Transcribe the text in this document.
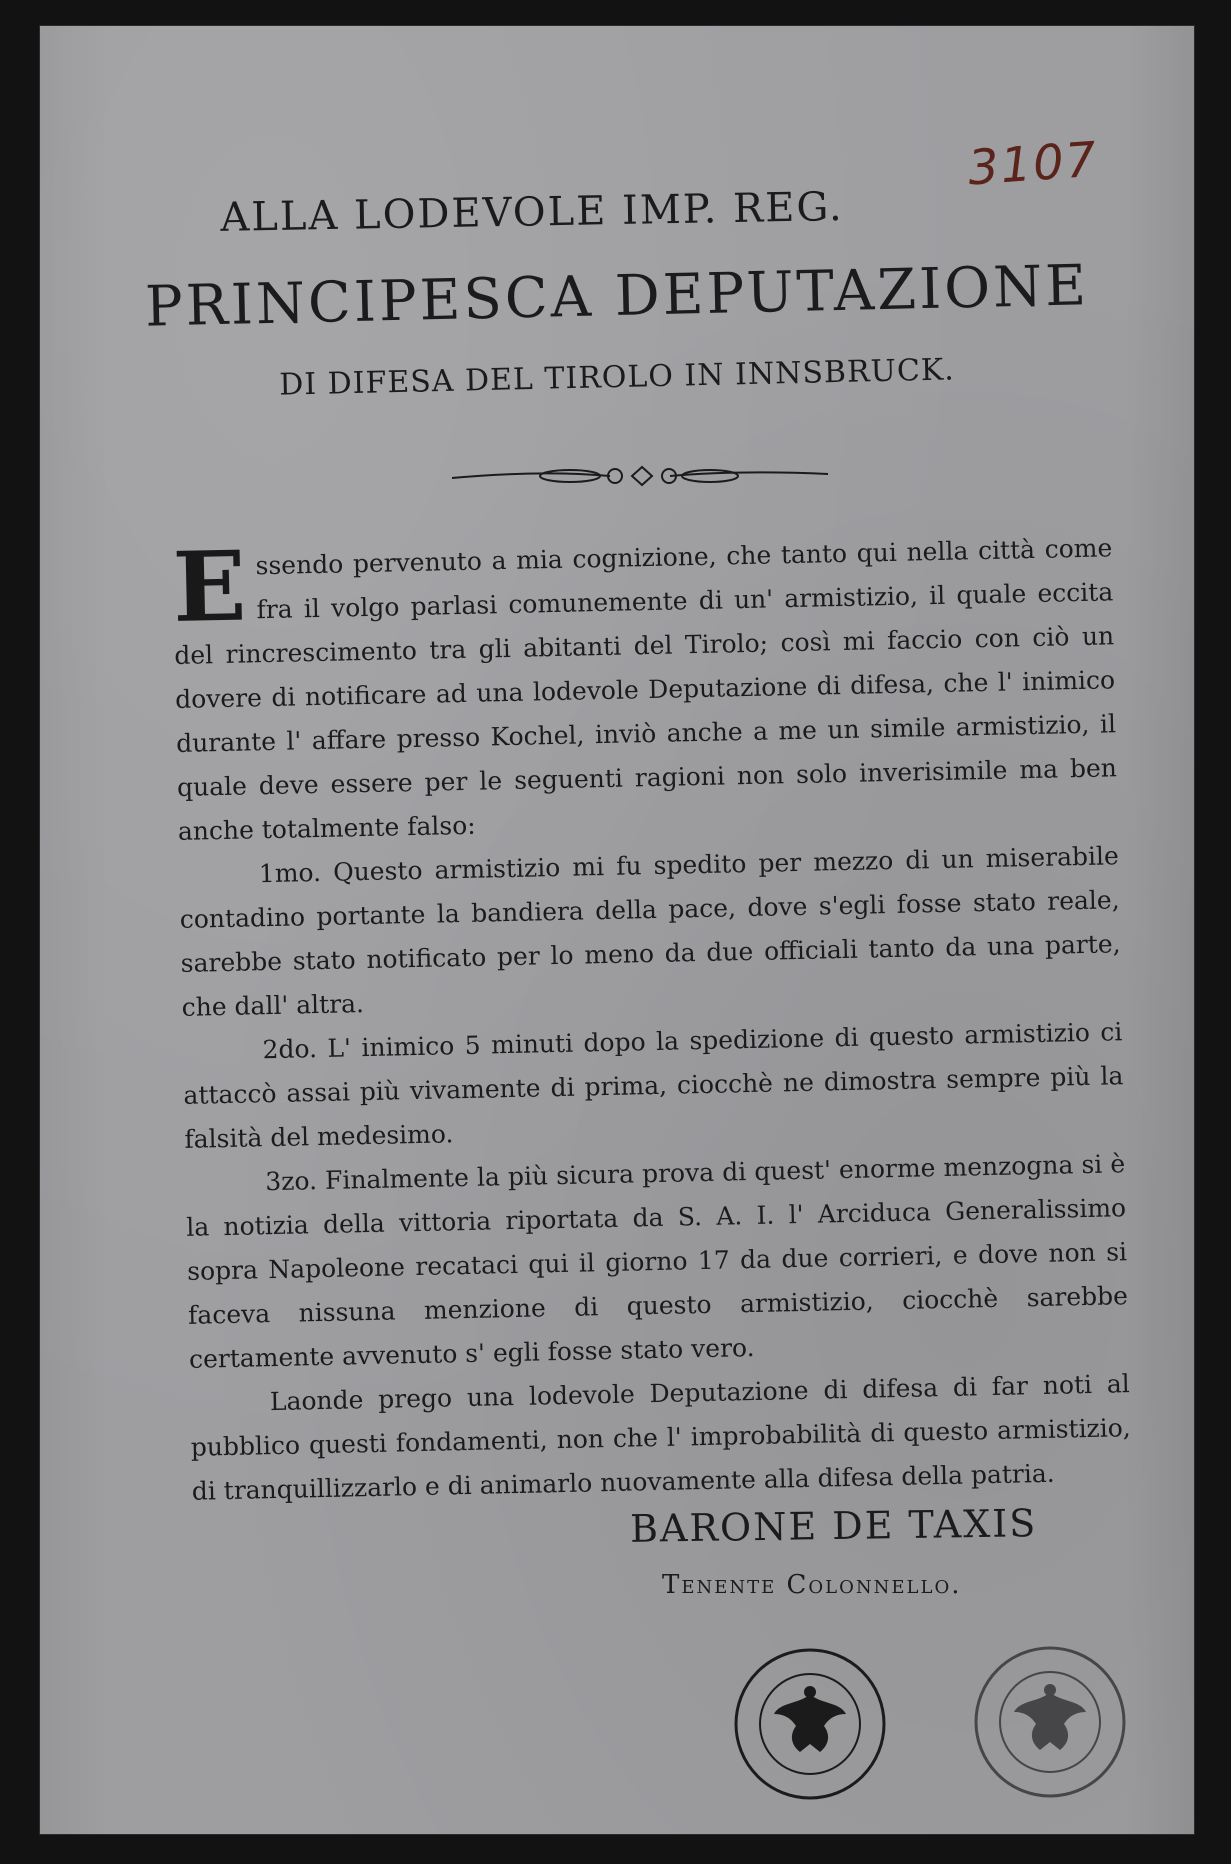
3107
ALLA LODEVOLE IMP. REG.
PRINCIPESCA DEPUTAZIONE
DI DIFESA DEL TIROLO IN INNSBRUCK.

Essendo pervenuto a mia cognizione, che tanto qui nella città come fra il volgo parlasi comunemente di un' armistizio, il quale eccita del rincrescimento tra gli abitanti del Tirolo; così mi faccio con ciò un dovere di notificare ad una lodevole Deputazione di difesa, che l' inimico durante l' affare presso Kochel, inviò anche a me un simile armistizio, il quale deve essere per le seguenti ragioni non solo inverisimile ma ben anche totalmente falso:

1mo. Questo armistizio mi fu spedito per mezzo di un miserabile contadino portante la bandiera della pace, dove s'egli fosse stato reale, sarebbe stato notificato per lo meno da due officiali tanto da una parte, che dall' altra.

2do. L' inimico 5 minuti dopo la spedizione di questo armistizio ci attaccò assai più vivamente di prima, ciocchè ne dimostra sempre più la falsità del medesimo.

3zo. Finalmente la più sicura prova di quest' enorme menzogna si è la notizia della vittoria riportata da S. A. I. l' Arciduca Generalissimo sopra Napoleone recataci qui il giorno 17 da due corrieri, e dove non si faceva nissuna menzione di questo armistizio, ciocchè sarebbe certamente avvenuto s' egli fosse stato vero.

Laonde prego una lodevole Deputazione di difesa di far noti al pubblico questi fondamenti, non che l' improbabilità di questo armistizio, di tranquillizzarlo e di animarlo nuovamente alla difesa della patria.

BARONE DE TAXIS
Tenente Colonnello.
